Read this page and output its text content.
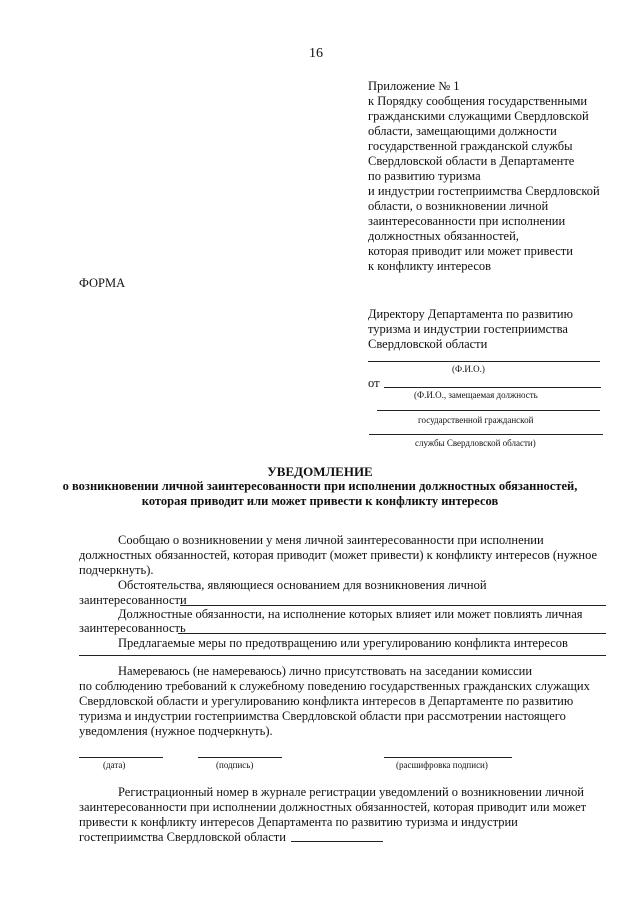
16
Приложение № 1
к Порядку сообщения государственными
гражданскими служащими Свердловской
области, замещающими должности
государственной гражданской службы
Свердловской области в Департаменте
по развитию туризма
и индустрии гостеприимства Свердловской
области, о возникновении личной
заинтересованности при исполнении
должностных обязанностей,
которая приводит или может привести
к конфликту интересов
ФОРМА
Директору Департамента по развитию
туризма и индустрии гостеприимства
Свердловской области
(Ф.И.О.)
от
(Ф.И.О., замещаемая должность
государственной гражданской
службы Свердловской области)
УВЕДОМЛЕНИЕ
о возникновении личной заинтересованности при исполнении должностных обязанностей,
которая приводит или может привести к конфликту интересов
Сообщаю о возникновении у меня личной заинтересованности при исполнении
должностных обязанностей, которая приводит (может привести) к конфликту интересов (нужное
подчеркнуть).
Обстоятельства, являющиеся основанием для возникновения личной
заинтересованности
Должностные обязанности, на исполнение которых влияет или может повлиять личная
заинтересованность
Предлагаемые меры по предотвращению или урегулированию конфликта интересов
Намереваюсь (не намереваюсь) лично присутствовать на заседании комиссии
по соблюдению требований к служебному поведению государственных гражданских служащих
Свердловской области и урегулированию конфликта интересов в Департаменте по развитию
туризма и индустрии гостеприимства Свердловской области при рассмотрении настоящего
уведомления (нужное подчеркнуть).
(дата)	(подпись)	(расшифровка подписи)
Регистрационный номер в журнале регистрации уведомлений о возникновении личной
заинтересованности при исполнении должностных обязанностей, которая приводит или может
привести к конфликту интересов Департамента по развитию туризма и индустрии
гостеприимства Свердловской области
